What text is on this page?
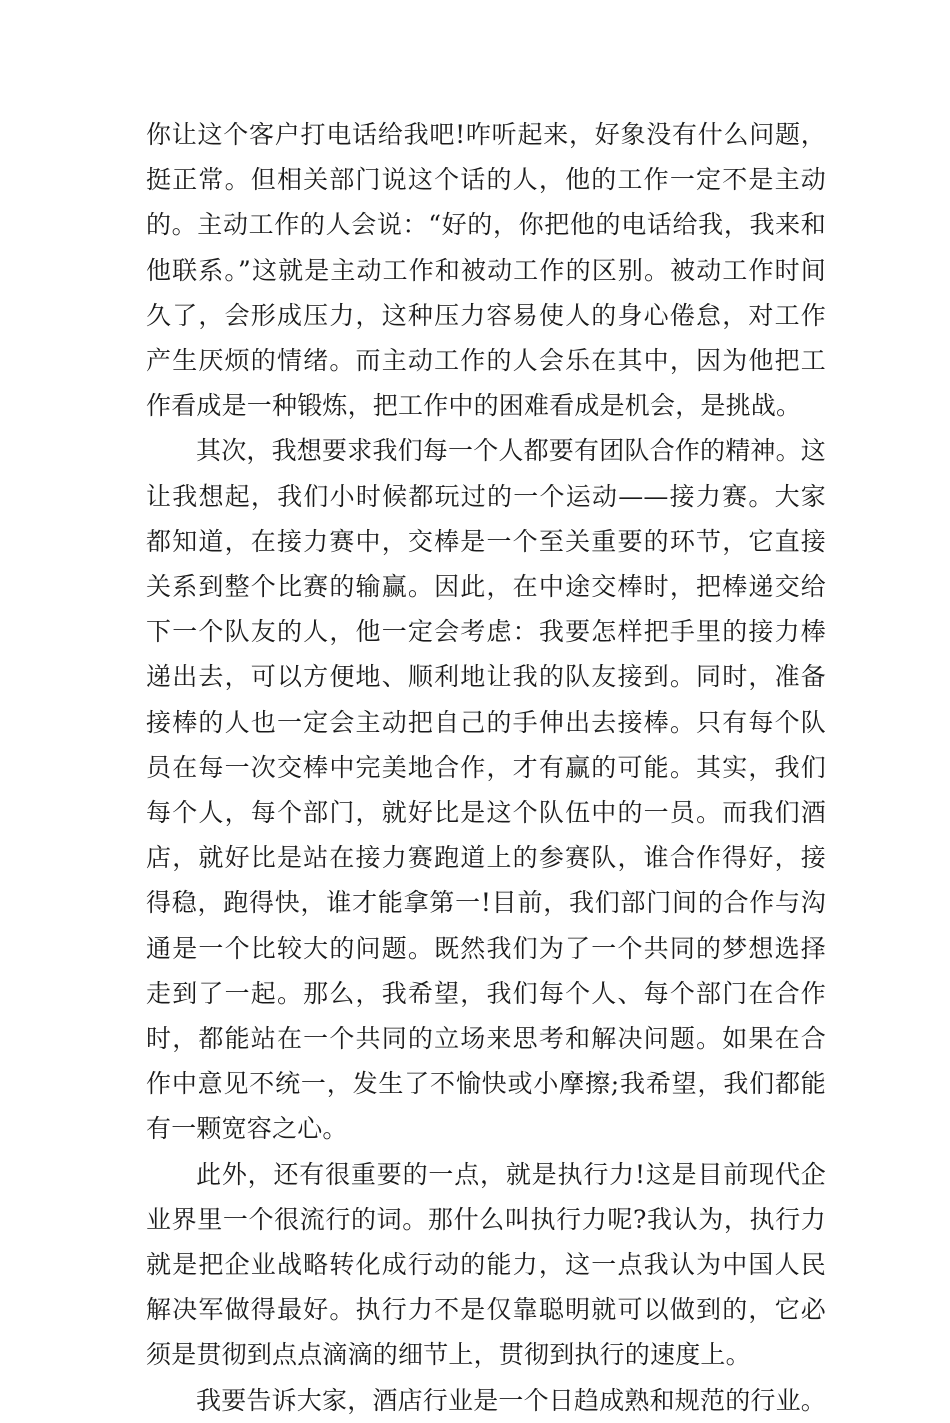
你让这个客户打电话给我吧!咋听起来，好象没有什么问题，挺正常。但相关部门说这个话的人，他的工作一定不是主动的。主动工作的人会说：“好的，你把他的电话给我，我来和他联系。”这就是主动工作和被动工作的区别。被动工作时间久了，会形成压力，这种压力容易使人的身心倦怠，对工作产生厌烦的情绪。而主动工作的人会乐在其中，因为他把工作看成是一种锻炼，把工作中的困难看成是机会，是挑战。

其次，我想要求我们每一个人都要有团队合作的精神。这让我想起，我们小时候都玩过的一个运动——接力赛。大家都知道，在接力赛中，交棒是一个至关重要的环节，它直接关系到整个比赛的输赢。因此，在中途交棒时，把棒递交给下一个队友的人，他一定会考虑：我要怎样把手里的接力棒递出去，可以方便地、顺利地让我的队友接到。同时，准备接棒的人也一定会主动把自己的手伸出去接棒。只有每个队员在每一次交棒中完美地合作，才有赢的可能。其实，我们每个人，每个部门，就好比是这个队伍中的一员。而我们酒店，就好比是站在接力赛跑道上的参赛队，谁合作得好，接得稳，跑得快，谁才能拿第一!目前，我们部门间的合作与沟通是一个比较大的问题。既然我们为了一个共同的梦想选择走到了一起。那么，我希望，我们每个人、每个部门在合作时，都能站在一个共同的立场来思考和解决问题。如果在合作中意见不统一，发生了不愉快或小摩擦;我希望，我们都能有一颗宽容之心。

此外，还有很重要的一点，就是执行力!这是目前现代企业界里一个很流行的词。那什么叫执行力呢?我认为，执行力就是把企业战略转化成行动的能力，这一点我认为中国人民解决军做得最好。执行力不是仅靠聪明就可以做到的，它必须是贯彻到点点滴滴的细节上，贯彻到执行的速度上。

我要告诉大家，酒店行业是一个日趋成熟和规范的行业。
